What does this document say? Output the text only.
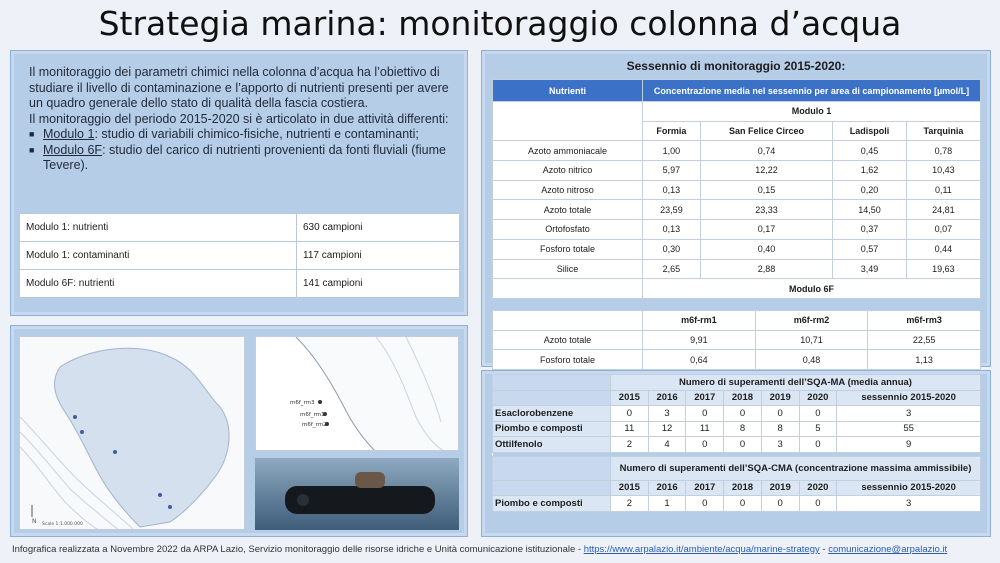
Strategia marina: monitoraggio colonna d’acqua
Il monitoraggio dei parametri chimici nella colonna d’acqua ha l’obiettivo di studiare il livello di contaminazione e l’apporto di nutrienti presenti per avere un quadro generale dello stato di qualità della fascia costiera.
Il monitoraggio del periodo 2015-2020 si è articolato in due attività differenti:
■ Modulo 1: studio di variabili chimico-fisiche, nutrienti e contaminanti;
■ Modulo 6F: studio del carico di nutrienti provenienti da fonti fluviali (fiume Tevere).
Modulo 1: nutrienti	630 campioni
Modulo 1: contaminanti	117 campioni
Modulo 6F: nutrienti	141 campioni
N Scale 1:1.000.000
m6f_rm3
m6f_rm1
m6f_rm2
Sessennio di monitoraggio 2015-2020:
Nutrienti	Concentrazione media nel sessennio per area di campionamento [µmol/L]			
	Modulo 1			
	Formia	San Felice Circeo	Ladispoli	Tarquinia
Azoto ammoniacale	1,00	0,74	0,45	0,78
Azoto nitrico	5,97	12,22	1,62	10,43
Azoto nitroso	0,13	0,15	0,20	0,11
Azoto totale	23,59	23,33	14,50	24,81
Ortofosfato	0,13	0,17	0,37	0,07
Fosforo totale	0,30	0,40	0,57	0,44
Silice	2,65	2,88	3,49	19,63
	Modulo 6F			
	m6f-rm1	m6f-rm2	m6f-rm3
Azoto totale	9,91	10,71	22,55
Fosforo totale	0,64	0,48	1,13
	Numero di superamenti dell’SQA-MA (media annua)						
	2015	2016	2017	2018	2019	2020	sessennio 2015-2020
Esaclorobenzene	0	3	0	0	0	0	3
Piombo e composti	11	12	11	8	8	5	55
Ottilfenolo	2	4	0	0	3	0	9

	Numero di superamenti dell’SQA-CMA (concentrazione massima ammissibile)						
	2015	2016	2017	2018	2019	2020	sessennio 2015-2020
Piombo e composti	2	1	0	0	0	0	3
Infografica realizzata a Novembre 2022 da ARPA Lazio, Servizio monitoraggio delle risorse idriche e Unità comunicazione istituzionale - https://www.arpalazio.it/ambiente/acqua/marine-strategy - comunicazione@arpalazio.it
